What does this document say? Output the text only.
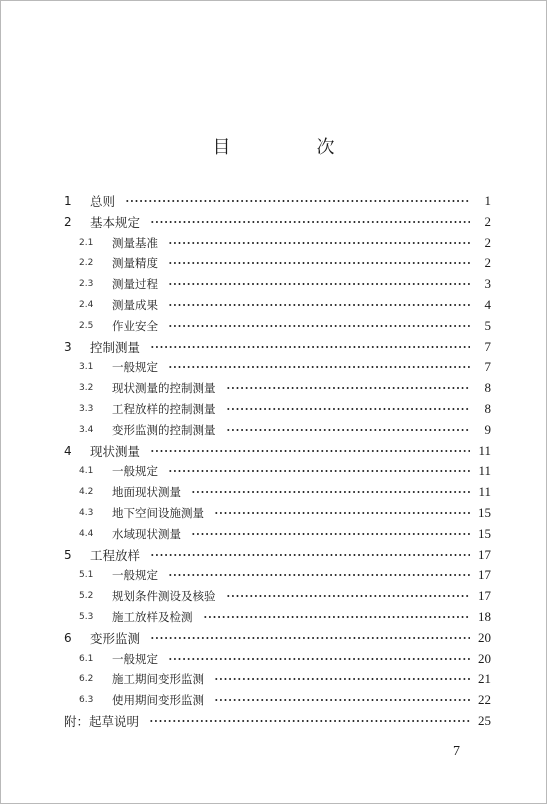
目　次
1	总则	1
2	基本规定	2
2.1	测量基准	2
2.2	测量精度	2
2.3	测量过程	3
2.4	测量成果	4
2.5	作业安全	5
3	控制测量	7
3.1	一般规定	7
3.2	现状测量的控制测量	8
3.3	工程放样的控制测量	8
3.4	变形监测的控制测量	9
4	现状测量	11
4.1	一般规定	11
4.2	地面现状测量	11
4.3	地下空间设施测量	15
4.4	水域现状测量	15
5	工程放样	17
5.1	一般规定	17
5.2	规划条件测设及核验	17
5.3	施工放样及检测	18
6	变形监测	20
6.1	一般规定	20
6.2	施工期间变形监测	21
6.3	使用期间变形监测	22
附：起草说明	25
7
